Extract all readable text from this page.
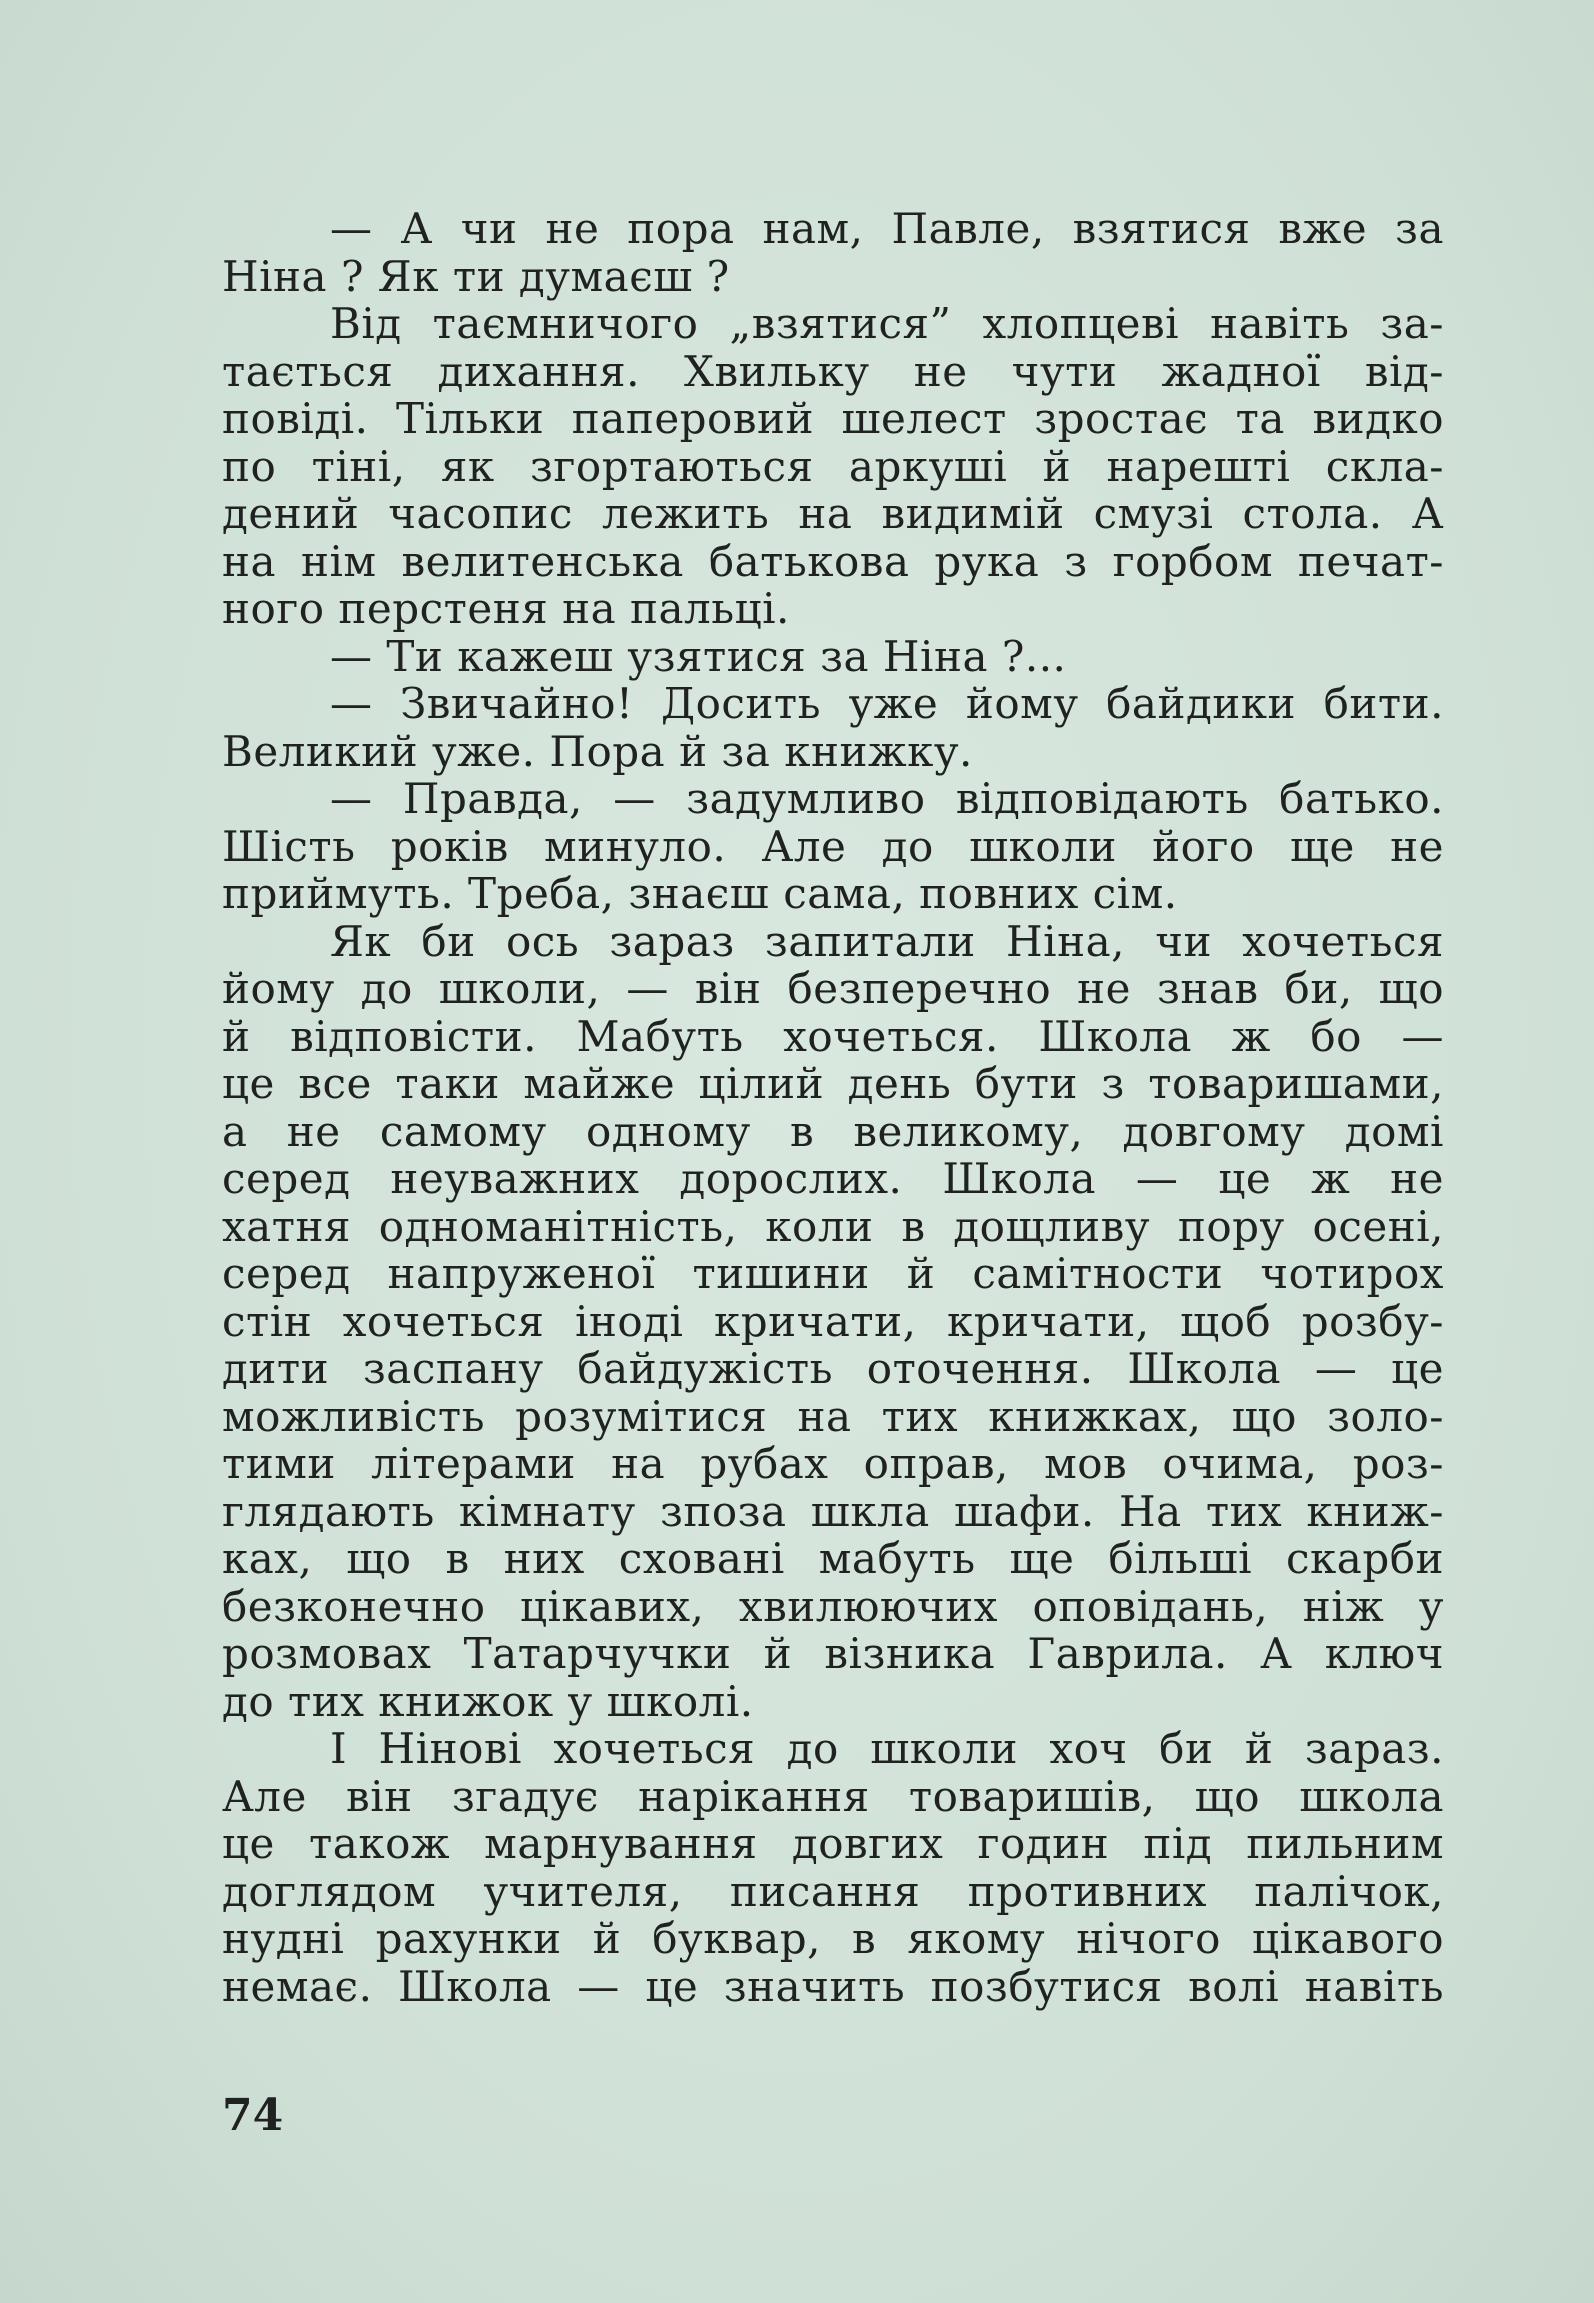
— А чи не пора нам, Павле, взятися вже за
Ніна ? Як ти думаєш ?
Від таємничого „взятися” хлопцеві навіть за-
тається дихання. Хвильку не чути жадної від-
повіді. Тільки паперовий шелест зростає та видко
по тіні, як згортаються аркуші й нарешті скла-
дений часопис лежить на видимій смузі стола. А
на нім велитенська батькова рука з горбом печат-
ного перстеня на пальці.
— Ти кажеш узятися за Ніна ?...
— Звичайно! Досить уже йому байдики бити.
Великий уже. Пора й за книжку.
— Правда, — задумливо відповідають батько.
Шість років минуло. Але до школи його ще не
приймуть. Треба, знаєш сама, повних сім.
Як би ось зараз запитали Ніна, чи хочеться
йому до школи, — він безперечно не знав би, що
й відповісти. Мабуть хочеться. Школа ж бо —
це все таки майже цілий день бути з товаришами,
а не самому одному в великому, довгому домі
серед неуважних дорослих. Школа — це ж не
хатня одноманітність, коли в дощливу пору осені,
серед напруженої тишини й самітности чотирох
стін хочеться іноді кричати, кричати, щоб розбу-
дити заспану байдужість оточення. Школа — це
можливість розумітися на тих книжках, що золо-
тими літерами на рубах оправ, мов очима, роз-
глядають кімнату зпоза шкла шафи. На тих книж-
ках, що в них сховані мабуть ще більші скарби
безконечно цікавих, хвилюючих оповідань, ніж у
розмовах Татарчучки й візника Гаврила. А ключ
до тих книжок у школі.
І Ніновi хочеться до школи хоч би й зараз.
Але він згадує нарікання товаришів, що школа
це також марнування довгих годин під пильним
доглядом учителя, писання противних палічок,
нудні рахунки й буквар, в якому нічого цікавого
немає. Школа — це значить позбутися волі навіть
74
